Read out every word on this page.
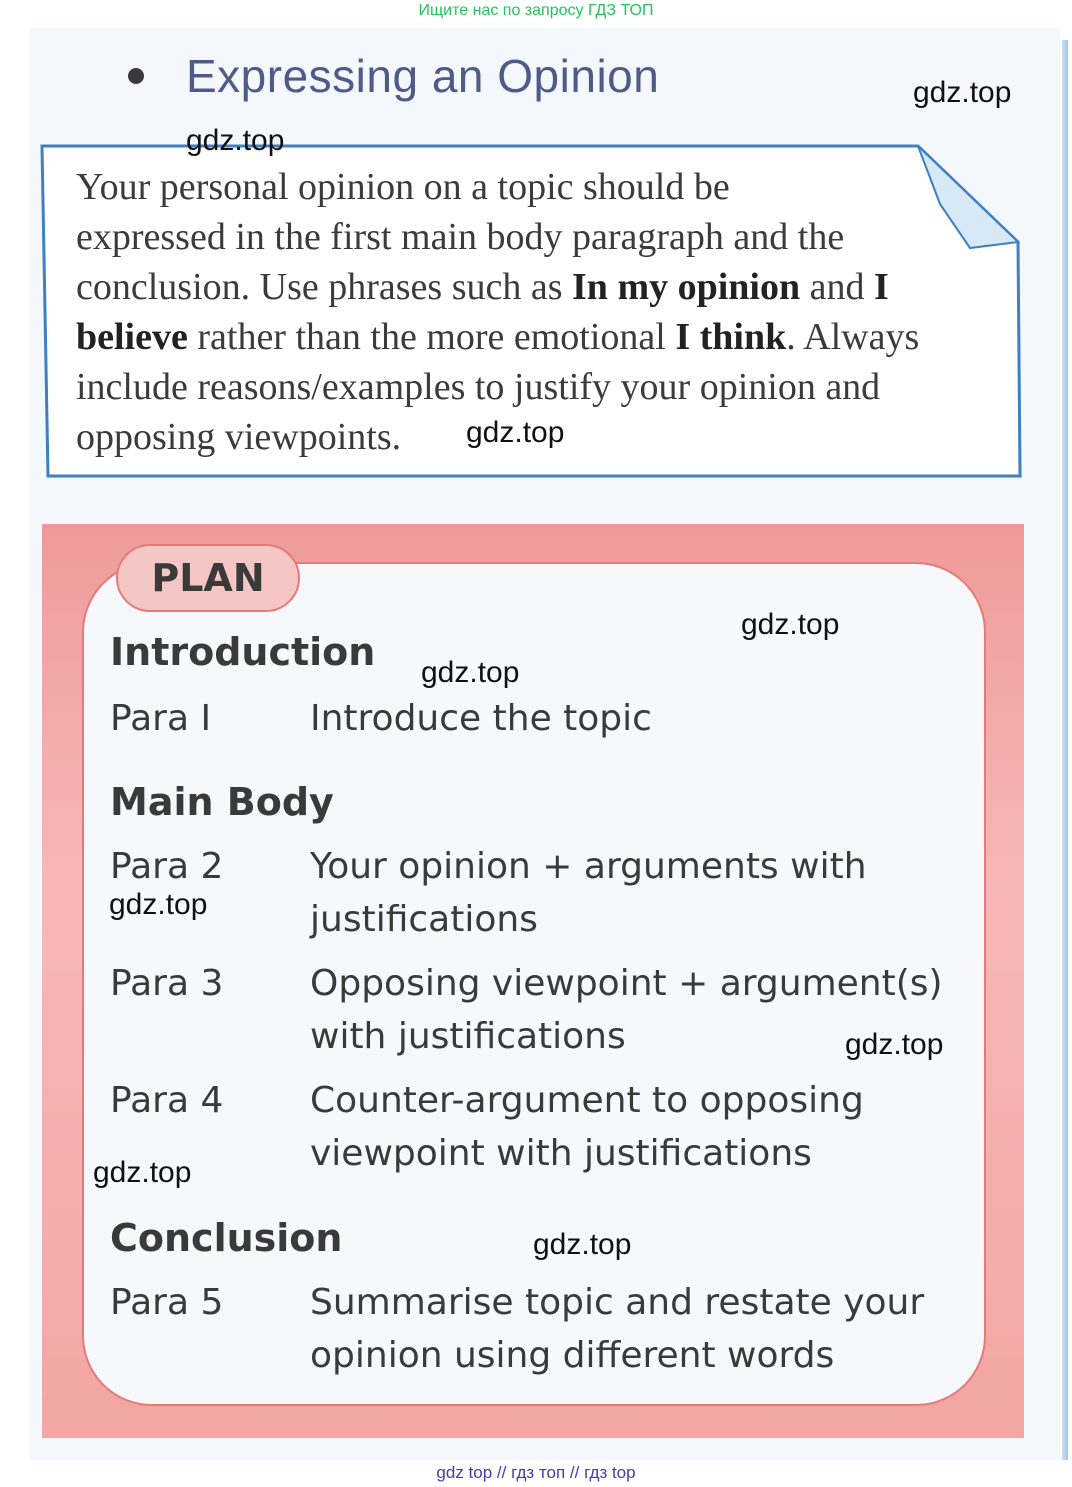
Ищите нас по запросу ГДЗ ТОП
Expressing an Opinion
Your personal opinion on a topic should be
expressed in the first main body paragraph and the
conclusion. Use phrases such as In my opinion and I
believe rather than the more emotional I think. Always
include reasons/examples to justify your opinion and
opposing viewpoints.
PLAN
Introduction
Para I	Introduce the topic
Main Body
Para 2 Your opinion + arguments with
justifications
Para 3 Opposing viewpoint + argument(s)
with justifications
Para 4 Counter-argument to opposing
viewpoint with justifications
Conclusion
Para 5 Summarise topic and restate your
opinion using different words
gdz.top
gdz.top
gdz.top
gdz.top
gdz.top
gdz.top
gdz.top
gdz.top
gdz.top
gdz top // гдз топ // гдз top
